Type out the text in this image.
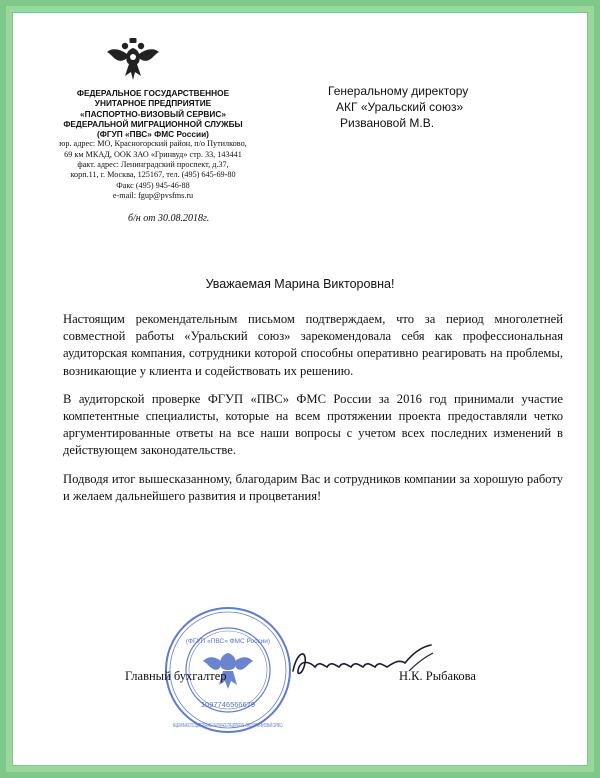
ФЕДЕРАЛЬНОЕ ГОСУДАРСТВЕННОЕ
УНИТАРНОЕ ПРЕДПРИЯТИЕ
«ПАСПОРТНО-ВИЗОВЫЙ СЕРВИС»
ФЕДЕРАЛЬНОЙ МИГРАЦИОННОЙ СЛУЖБЫ
(ФГУП «ПВС» ФМС России)
юр. адрес: МО, Красногорский район, п/о Путилково,
69 км МКАД, ООК ЗАО «Гринвуд» стр. 33, 143441
факт. адрес: Ленинградский проспект, д.37,
корп.11, г. Москва, 125167, тел. (495) 645-69-80
Факс (495) 945-46-88
e-mail: fgup@pvsfms.ru
б/н от 30.08.2018г.
Генеральному директору
АКГ «Уральский союз»
Ризвановой М.В.
Уважаемая Марина Викторовна!

Настоящим рекомендательным письмом подтверждаем, что за период многолетней совместной работы «Уральский союз» зарекомендовала себя как профессиональная аудиторская компания, сотрудники которой способны оперативно реагировать на проблемы, возникающие у клиента и содействовать их решению.

В аудиторской проверке ФГУП «ПВС» ФМС России за 2016 год принимали участие компетентные специалисты, которые на всем протяжении проекта предоставляли четко аргументированные ответы на все наши вопросы с учетом всех последних изменений в действующем законодательстве.

Подводя итог вышесказанному, благодарим Вас и сотрудников компании за хорошую работу и желаем дальнейшего развития и процветания!

(ФГУП «ПВС» ФМС России)
1097746566679
ФЕДЕРАЛЬНОЕ ГОСУДАРСТВЕННОЕ УНИТАРНОЕ ПРЕДПРИЯТИЕ «ПАСПОРТНО-ВИЗОВЫЙ СЕРВИС»
Главный бухгалтер	Н.К. Рыбакова
